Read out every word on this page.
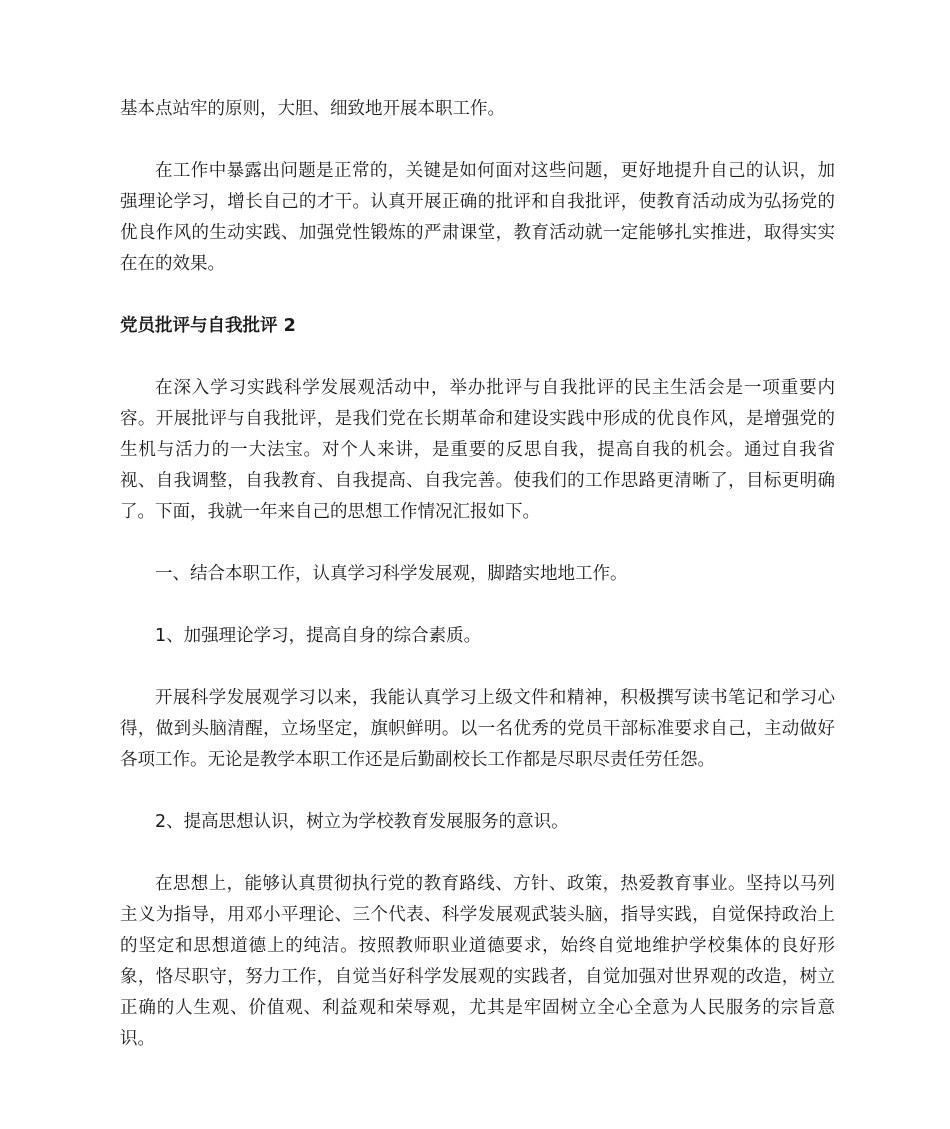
基本点站牢的原则，大胆、细致地开展本职工作。

在工作中暴露出问题是正常的，关键是如何面对这些问题，更好地提升自己的认识，加强理论学习，增长自己的才干。认真开展正确的批评和自我批评，使教育活动成为弘扬党的优良作风的生动实践、加强党性锻炼的严肃课堂，教育活动就一定能够扎实推进，取得实实在在的效果。

党员批评与自我批评 2

在深入学习实践科学发展观活动中，举办批评与自我批评的民主生活会是一项重要内容。开展批评与自我批评，是我们党在长期革命和建设实践中形成的优良作风，是增强党的生机与活力的一大法宝。对个人来讲，是重要的反思自我，提高自我的机会。通过自我省视、自我调整，自我教育、自我提高、自我完善。使我们的工作思路更清晰了，目标更明确了。下面，我就一年来自己的思想工作情况汇报如下。

一、结合本职工作，认真学习科学发展观，脚踏实地地工作。

1、加强理论学习，提高自身的综合素质。

开展科学发展观学习以来，我能认真学习上级文件和精神，积极撰写读书笔记和学习心得，做到头脑清醒，立场坚定，旗帜鲜明。以一名优秀的党员干部标准要求自己，主动做好各项工作。无论是教学本职工作还是后勤副校长工作都是尽职尽责任劳任怨。

2、提高思想认识，树立为学校教育发展服务的意识。

在思想上，能够认真贯彻执行党的教育路线、方针、政策，热爱教育事业。坚持以马列主义为指导，用邓小平理论、三个代表、科学发展观武装头脑，指导实践，自觉保持政治上的坚定和思想道德上的纯洁。按照教师职业道德要求，始终自觉地维护学校集体的良好形象，恪尽职守，努力工作，自觉当好科学发展观的实践者，自觉加强对世界观的改造，树立正确的人生观、价值观、利益观和荣辱观，尤其是牢固树立全心全意为人民服务的宗旨意识。
